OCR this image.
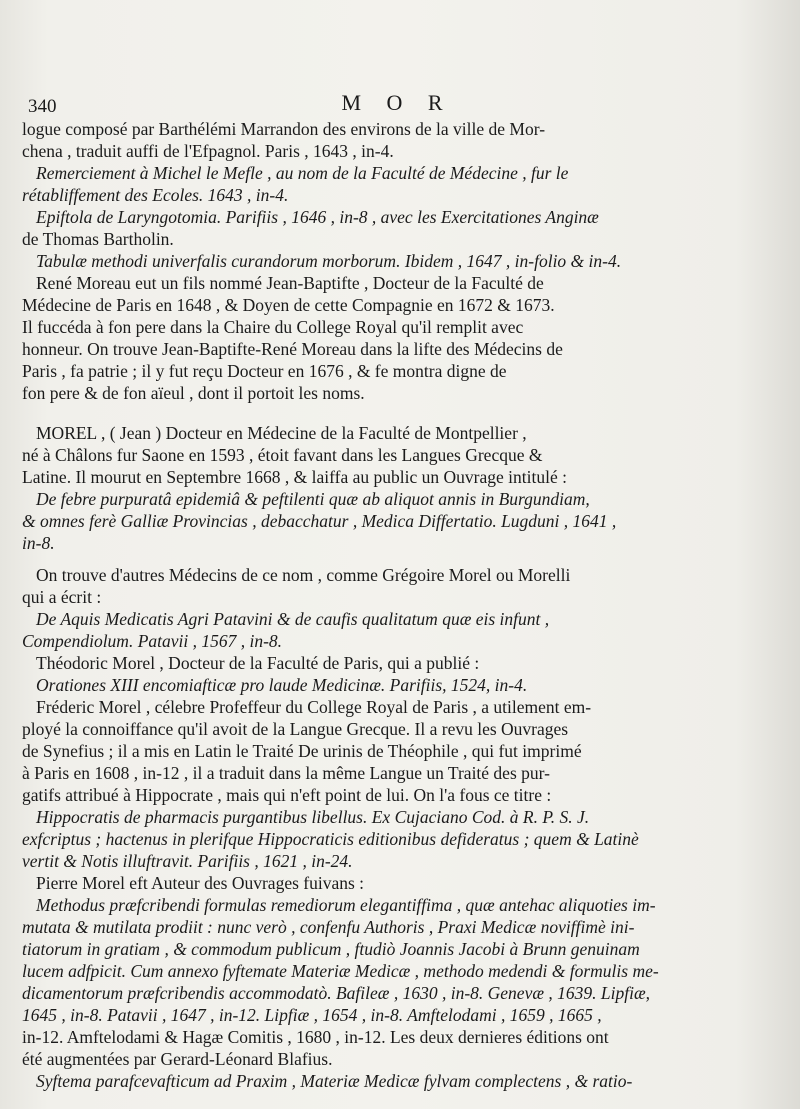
340	M O R
logue composé par Barthélémi Marrandon des environs de la ville de Mor-
chena , traduit auffi de l'Efpagnol. Paris , 1643 , in-4.
Remerciement à Michel le Mefle , au nom de la Faculté de Médecine , fur le
rétabliffement des Ecoles. 1643 , in-4.
Epiftola de Laryngotomia. Parifiis , 1646 , in-8 , avec les Exercitationes Anginæ
de Thomas Bartholin.
Tabulæ methodi univerfalis curandorum morborum. Ibidem , 1647 , in-folio & in-4.
René Moreau eut un fils nommé Jean-Baptifte , Docteur de la Faculté de
Médecine de Paris en 1648 , & Doyen de cette Compagnie en 1672 & 1673.
Il fuccéda à fon pere dans la Chaire du College Royal qu'il remplit avec
honneur. On trouve Jean-Baptifte-René Moreau dans la lifte des Médecins de
Paris , fa patrie ; il y fut reçu Docteur en 1676 , & fe montra digne de
fon pere & de fon aïeul , dont il portoit les noms.
MOREL , ( Jean ) Docteur en Médecine de la Faculté de Montpellier ,
né à Châlons fur Saone en 1593 , étoit favant dans les Langues Grecque &
Latine. Il mourut en Septembre 1668 , & laiffa au public un Ouvrage intitulé :
De febre purpuratâ epidemiâ & peftilenti quæ ab aliquot annis in Burgundiam,
& omnes ferè Galliæ Provincias , debacchatur , Medica Differtatio. Lugduni , 1641 ,
in-8.
On trouve d'autres Médecins de ce nom , comme Grégoire Morel ou Morelli
qui a écrit :
De Aquis Medicatis Agri Patavini & de caufis qualitatum quæ eis infunt ,
Compendiolum. Patavii , 1567 , in-8.
Théodoric Morel , Docteur de la Faculté de Paris, qui a publié :
Orationes XIII encomiafticæ pro laude Medicinæ. Parifiis, 1524, in-4.
Fréderic Morel , célebre Profeffeur du College Royal de Paris , a utilement em-
ployé la connoiffance qu'il avoit de la Langue Grecque. Il a revu les Ouvrages
de Synefius ; il a mis en Latin le Traité De urinis de Théophile , qui fut imprimé
à Paris en 1608 , in-12 , il a traduit dans la même Langue un Traité des pur-
gatifs attribué à Hippocrate , mais qui n'eft point de lui. On l'a fous ce titre :
Hippocratis de pharmacis purgantibus libellus. Ex Cujaciano Cod. à R. P. S. J.
exfcriptus ; hactenus in plerifque Hippocraticis editionibus defideratus ; quem & Latinè
vertit & Notis illuftravit. Parifiis , 1621 , in-24.
Pierre Morel eft Auteur des Ouvrages fuivans :
Methodus præfcribendi formulas remediorum elegantiffima , quæ antehac aliquoties im-
mutata & mutilata prodiit : nunc verò , confenfu Authoris , Praxi Medicæ noviffimè ini-
tiatorum in gratiam , & commodum publicum , ftudiò Joannis Jacobi à Brunn genuinam
lucem adfpicit. Cum annexo fyftemate Materiæ Medicæ , methodo medendi & formulis me-
dicamentorum præfcribendis accommodatò. Bafileæ , 1630 , in-8. Genevæ , 1639. Lipfiæ,
1645 , in-8. Patavii , 1647 , in-12. Lipfiæ , 1654 , in-8. Amftelodami , 1659 , 1665 ,
in-12. Amftelodami & Hagæ Comitis , 1680 , in-12. Les deux dernieres éditions ont
été augmentées par Gerard-Léonard Blafius.
Syftema parafcevafticum ad Praxim , Materiæ Medicæ fylvam complectens , & ratio-
